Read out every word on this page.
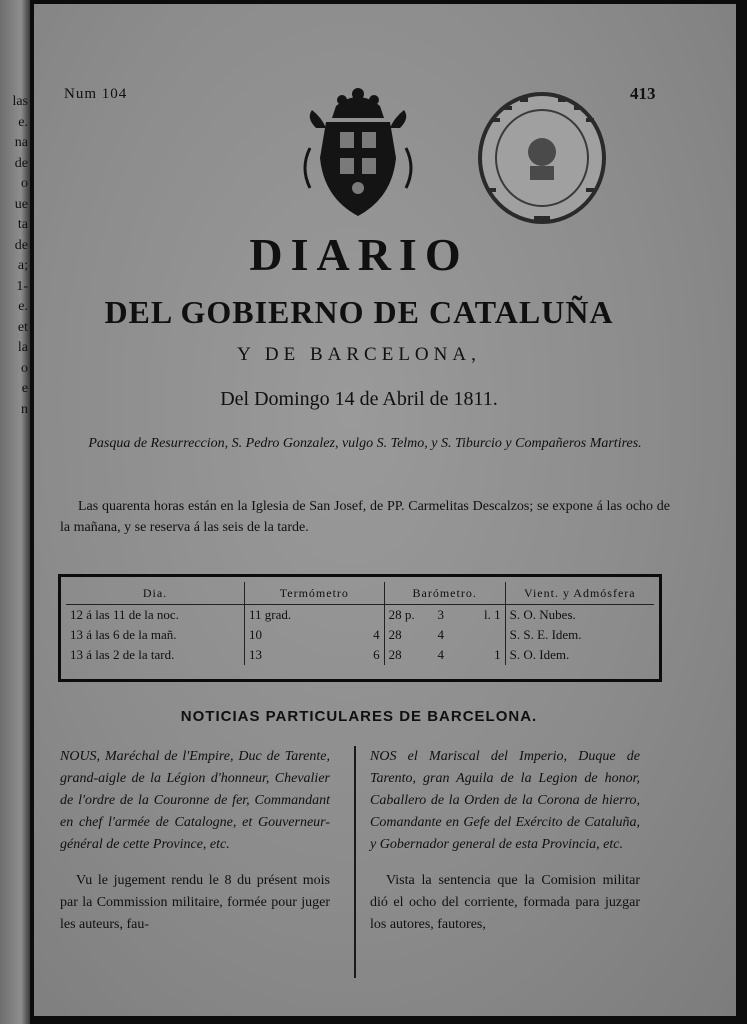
las
e.
na
de
o
ue
ta
de
a;
1-
e.
et
la
o
e
n
Num 104	413
DIARIO
DEL GOBIERNO DE CATALUÑA
Y DE BARCELONA,
Del Domingo 14 de Abril de 1811.
Pasqua de Resurreccion, S. Pedro Gonzalez, vulgo S. Telmo, y S. Tiburcio y Compañeros Martires.
Las quarenta horas están en la Iglesia de San Josef, de PP. Carmelitas Descalzos; se expone á las ocho de la mañana, y se reserva á las seis de la tarde.
Dia.	Termómetro		Barómetro.			Vient. y Admósfera
12 á las 11 de la noc.	11 grad.		28 p.	3	l. 1	S. O. Nubes.
13 á las 6 de la mañ.	10	4	28	4		S. S. E. Idem.
13 á las 2 de la tard.	13	6	28	4	1	S. O. Idem.
NOTICIAS PARTICULARES DE BARCELONA.
NOUS, Maréchal de l'Empire, Duc de Tarente, grand-aigle de la Légion d'honneur, Chevalier de l'ordre de la Couronne de fer, Commandant en chef l'armée de Catalogne, et Gouverneur-général de cette Province, etc.
Vu le jugement rendu le 8 du présent mois par la Commission militaire, formée pour juger les auteurs, fau-
NOS el Mariscal del Imperio, Duque de Tarento, gran Aguila de la Legion de honor, Caballero de la Orden de la Corona de hierro, Comandante en Gefe del Exército de Cataluña, y Gobernador general de esta Provincia, etc.
Vista la sentencia que la Comision militar dió el ocho del corriente, formada para juzgar los autores, fautores,
